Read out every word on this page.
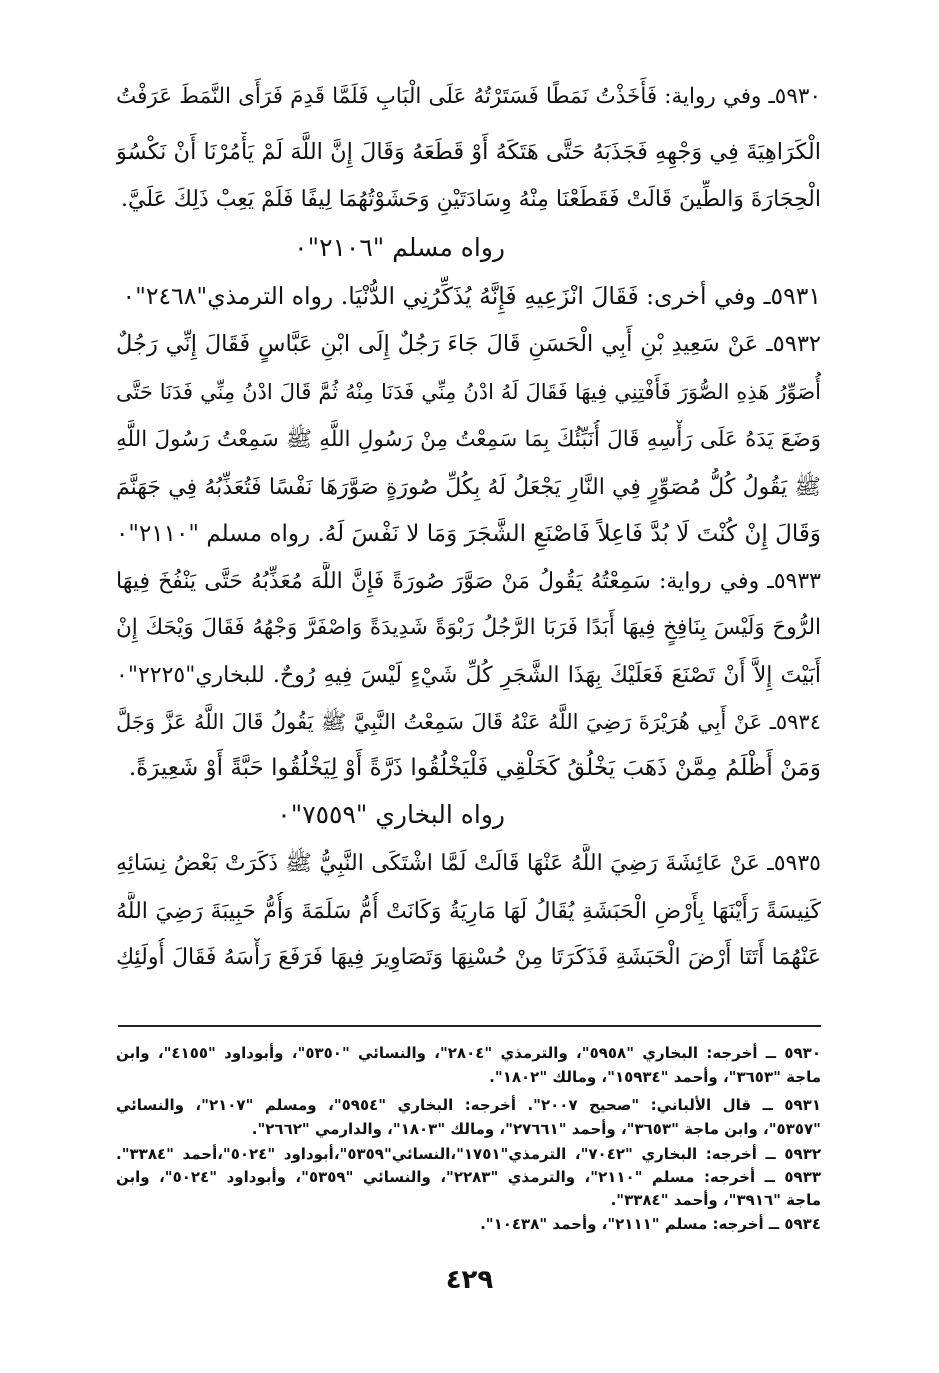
٥٩٣٠ـ وفي رواية: فَأَخَذْتُ نَمَطًا فَسَتَرْتُهُ عَلَى الْبَابِ فَلَمَّا قَدِمَ فَرَأَى النَّمَطَ عَرَفْتُ
الْكَرَاهِيَةَ فِي وَجْهِهِ فَجَذَبَهُ حَتَّى هَتَكَهُ أَوْ قَطَعَهُ وَقَالَ إِنَّ اللَّهَ لَمْ يَأْمُرْنَا أَنْ نَكْسُوَ
الْحِجَارَةَ وَالطِّينَ قَالَتْ فَقَطَعْنَا مِنْهُ وِسَادَتَيْنِ وَحَشَوْتُهُمَا لِيفًا فَلَمْ يَعِبْ ذَلِكَ عَلَيَّ.
رواه مسلم "٢١٠٦"٠
٥٩٣١ـ وفي أخرى: فَقَالَ انْزَعِيهِ فَإِنَّهُ يُذَكِّرُنِي الدُّنْيَا. رواه الترمذي"٢٤٦٨"٠
٥٩٣٢ـ عَنْ سَعِيدِ بْنِ أَبِي الْحَسَنِ قَالَ جَاءَ رَجُلٌ إِلَى ابْنِ عَبَّاسٍ فَقَالَ إِنِّي رَجُلٌ
أُصَوِّرُ هَذِهِ الصُّوَرَ فَأَفْتِنِي فِيهَا فَقَالَ لَهُ ادْنُ مِنِّي فَدَنَا مِنْهُ ثُمَّ قَالَ ادْنُ مِنِّي فَدَنَا حَتَّى
وَضَعَ يَدَهُ عَلَى رَأْسِهِ قَالَ أُنَبِّئُكَ بِمَا سَمِعْتُ مِنْ رَسُولِ اللَّهِ ﷺ سَمِعْتُ رَسُولَ اللَّهِ
ﷺ يَقُولُ كُلُّ مُصَوِّرٍ فِي النَّارِ يَجْعَلُ لَهُ بِكُلِّ صُورَةٍ صَوَّرَهَا نَفْسًا فَتُعَذِّبُهُ فِي جَهَنَّمَ
وَقَالَ إِنْ كُنْتَ لَا بُدَّ فَاعِلاً فَاصْنَعِ الشَّجَرَ وَمَا لا نَفْسَ لَهُ. رواه مسلم "٢١١٠"٠
٥٩٣٣ـ وفي رواية: سَمِعْتُهُ يَقُولُ مَنْ صَوَّرَ صُورَةً فَإِنَّ اللَّهَ مُعَذِّبُهُ حَتَّى يَنْفُخَ فِيهَا
الرُّوحَ وَلَيْسَ بِنَافِخٍ فِيهَا أَبَدًا فَرَبَا الرَّجُلُ رَبْوَةً شَدِيدَةً وَاصْفَرَّ وَجْهُهُ فَقَالَ وَيْحَكَ إِنْ
أَبَيْتَ إِلاَّ أَنْ تَصْنَعَ فَعَلَيْكَ بِهَذَا الشَّجَرِ كُلِّ شَيْءٍ لَيْسَ فِيهِ رُوحٌ. للبخاري"٢٢٢٥"٠
٥٩٣٤ـ عَنْ أَبِي هُرَيْرَةَ رَضِيَ اللَّهُ عَنْهُ قَالَ سَمِعْتُ النَّبِيَّ ﷺ يَقُولُ قَالَ اللَّهُ عَزَّ وَجَلَّ
وَمَنْ أَظْلَمُ مِمَّنْ ذَهَبَ يَخْلُقُ كَخَلْقِي فَلْيَخْلُقُوا ذَرَّةً أَوْ لِيَخْلُقُوا حَبَّةً أَوْ شَعِيرَةً.
رواه البخاري "٧٥٥٩"٠
٥٩٣٥ـ عَنْ عَائِشَةَ رَضِيَ اللَّهُ عَنْهَا قَالَتْ لَمَّا اشْتَكَى النَّبِيُّ ﷺ ذَكَرَتْ بَعْضُ نِسَائِهِ
كَنِيسَةً رَأَيْنَهَا بِأَرْضِ الْحَبَشَةِ يُقَالُ لَهَا مَارِيَةُ وَكَانَتْ أُمُّ سَلَمَةَ وَأُمُّ حَبِيبَةَ رَضِيَ اللَّهُ
عَنْهُمَا أَتَتَا أَرْضَ الْحَبَشَةِ فَذَكَرَتَا مِنْ حُسْنِهَا وَتَصَاوِيرَ فِيهَا فَرَفَعَ رَأْسَهُ فَقَالَ أُولَئِكِ
٥٩٣٠ ــ أخرجه: البخاري "٥٩٥٨"، والترمذي "٢٨٠٤"، والنسائي "٥٣٥٠"، وأبوداود "٤١٥٥"، وابن
ماجة "٣٦٥٣"، وأحمد "١٥٩٣٤"، ومالك "١٨٠٢".
٥٩٣١ ــ قال الألباني: "صحيح ٢٠٠٧". أخرجه: البخاري "٥٩٥٤"، ومسلم "٢١٠٧"، والنسائي
"٥٣٥٧"، وابن ماجة "٣٦٥٣"، وأحمد "٢٧٦٦١"، ومالك "١٨٠٣"، والدارمي "٢٦٦٢".
٥٩٣٢ ــ أخرجه: البخاري "٧٠٤٢"، الترمذي"١٧٥١"،النسائي"٥٣٥٩"،أبوداود "٥٠٢٤"،أحمد "٣٣٨٤".
٥٩٣٣ ــ أخرجه: مسلم "٢١١٠"، والترمذي "٢٢٨٣"، والنسائي "٥٣٥٩"، وأبوداود "٥٠٢٤"، وابن
ماجة "٣٩١٦"، وأحمد "٣٣٨٤".
٥٩٣٤ ــ أخرجه: مسلم "٢١١١"، وأحمد "١٠٤٣٨".
٤٢٩
